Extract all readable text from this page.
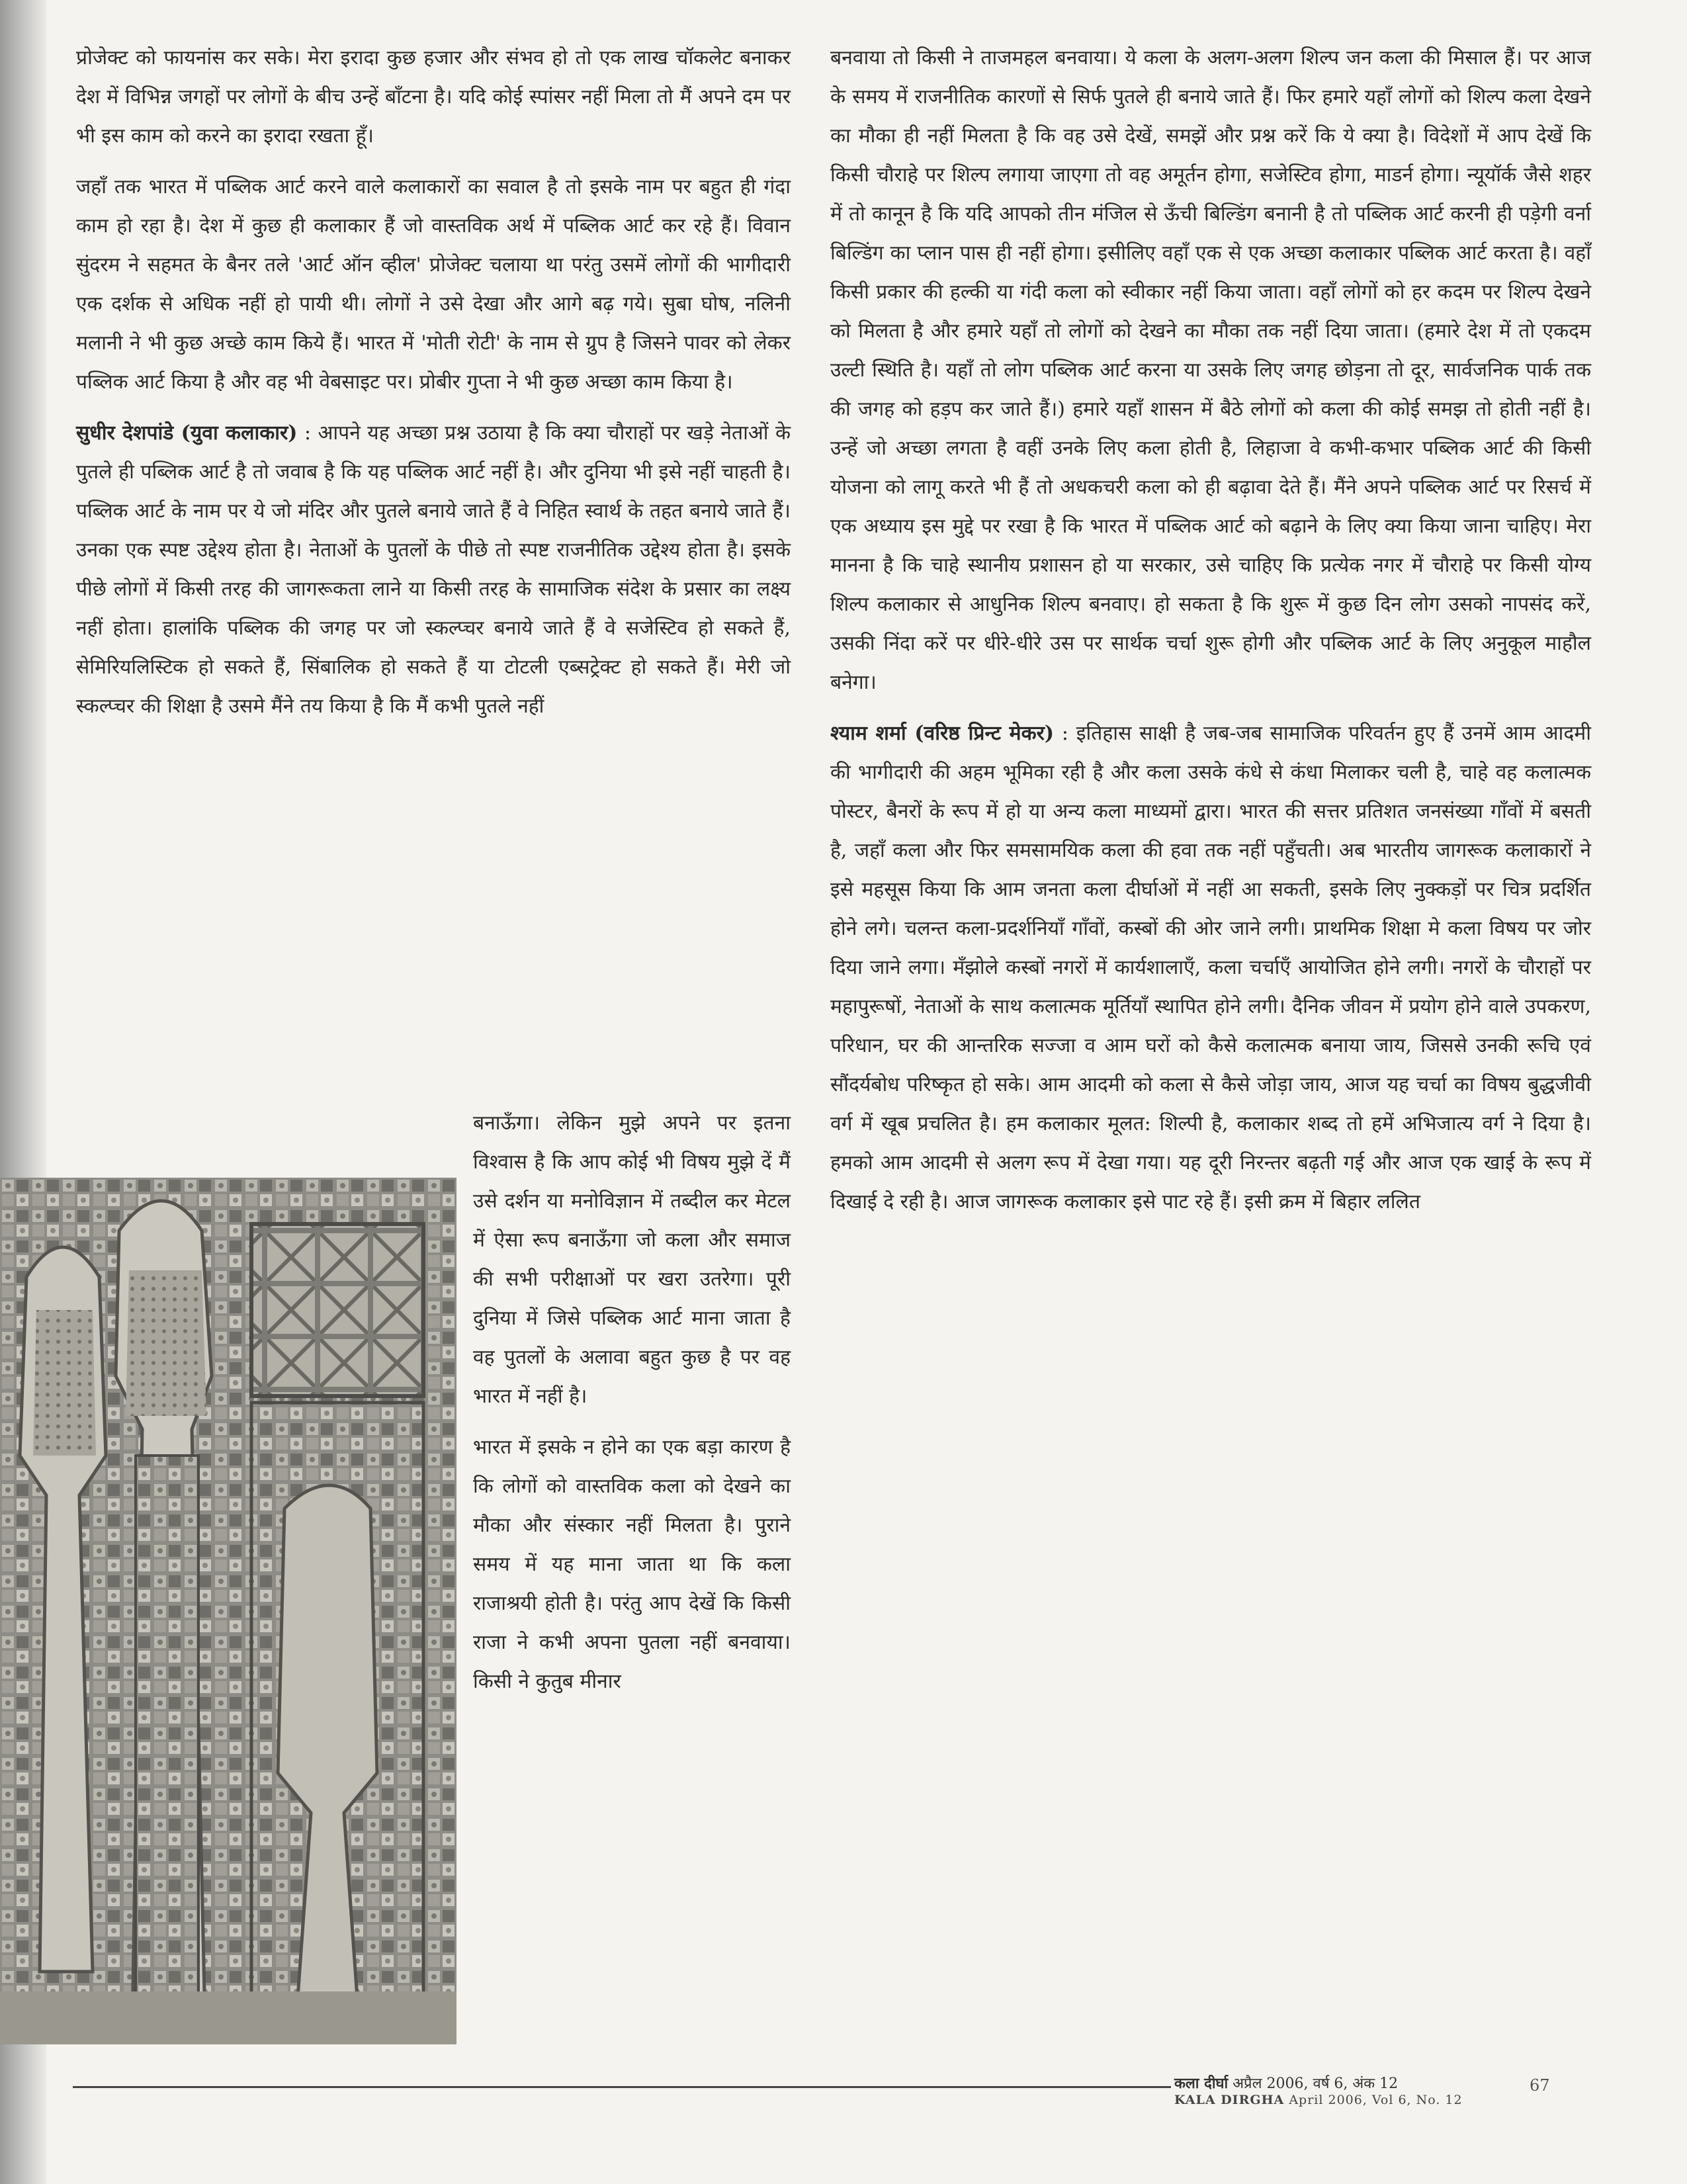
प्रोजेक्ट को फायनांस कर सके। मेरा इरादा कुछ हजार और संभव हो तो एक लाख चॉकलेट बनाकर देश में विभिन्न जगहों पर लोगों के बीच उन्हें बाँटना है। यदि कोई स्पांसर नहीं मिला तो मैं अपने दम पर भी इस काम को करने का इरादा रखता हूँ।

जहाँ तक भारत में पब्लिक आर्ट करने वाले कलाकारों का सवाल है तो इसके नाम पर बहुत ही गंदा काम हो रहा है। देश में कुछ ही कलाकार हैं जो वास्तविक अर्थ में पब्लिक आर्ट कर रहे हैं। विवान सुंदरम ने सहमत के बैनर तले 'आर्ट ऑन व्हील' प्रोजेक्ट चलाया था परंतु उसमें लोगों की भागीदारी एक दर्शक से अधिक नहीं हो पायी थी। लोगों ने उसे देखा और आगे बढ़ गये। सुबा घोष, नलिनी मलानी ने भी कुछ अच्छे काम किये हैं। भारत में 'मोती रोटी' के नाम से ग्रुप है जिसने पावर को लेकर पब्लिक आर्ट किया है और वह भी वेबसाइट पर। प्रोबीर गुप्ता ने भी कुछ अच्छा काम किया है।

सुधीर देशपांडे (युवा कलाकार) : आपने यह अच्छा प्रश्न उठाया है कि क्या चौराहों पर खड़े नेताओं के पुतले ही पब्लिक आर्ट है तो जवाब है कि यह पब्लिक आर्ट नहीं है। और दुनिया भी इसे नहीं चाहती है। पब्लिक आर्ट के नाम पर ये जो मंदिर और पुतले बनाये जाते हैं वे निहित स्वार्थ के तहत बनाये जाते हैं। उनका एक स्पष्ट उद्देश्य होता है। नेताओं के पुतलों के पीछे तो स्पष्ट राजनीतिक उद्देश्य होता है। इसके पीछे लोगों में किसी तरह की जागरूकता लाने या किसी तरह के सामाजिक संदेश के प्रसार का लक्ष्य नहीं होता। हालांकि पब्लिक की जगह पर जो स्कल्प्चर बनाये जाते हैं वे सजेस्टिव हो सकते हैं, सेमिरियलिस्टिक हो सकते हैं, सिंबालिक हो सकते हैं या टोटली एब्सट्रेक्ट हो सकते हैं। मेरी जो स्कल्प्चर की शिक्षा है उसमे मैंने तय किया है कि मैं कभी पुतले नहीं

बनाऊँगा। लेकिन मुझे अपने पर इतना विश्वास है कि आप कोई भी विषय मुझे दें मैं उसे दर्शन या मनोविज्ञान में तब्दील कर मेटल में ऐसा रूप बनाऊँगा जो कला और समाज की सभी परीक्षाओं पर खरा उतरेगा। पूरी दुनिया में जिसे पब्लिक आर्ट माना जाता है वह पुतलों के अलावा बहुत कुछ है पर वह भारत में नहीं है।

भारत में इसके न होने का एक बड़ा कारण है कि लोगों को वास्तविक कला को देखने का मौका और संस्कार नहीं मिलता है। पुराने समय में यह माना जाता था कि कला राजाश्रयी होती है। परंतु आप देखें कि किसी राजा ने कभी अपना पुतला नहीं बनवाया। किसी ने कुतुब मीनार

बनवाया तो किसी ने ताजमहल बनवाया। ये कला के अलग-अलग शिल्प जन कला की मिसाल हैं। पर आज के समय में राजनीतिक कारणों से सिर्फ पुतले ही बनाये जाते हैं। फिर हमारे यहाँ लोगों को शिल्प कला देखने का मौका ही नहीं मिलता है कि वह उसे देखें, समझें और प्रश्न करें कि ये क्या है। विदेशों में आप देखें कि किसी चौराहे पर शिल्प लगाया जाएगा तो वह अमूर्तन होगा, सजेस्टिव होगा, माडर्न होगा। न्यूयॉर्क जैसे शहर में तो कानून है कि यदि आपको तीन मंजिल से ऊँची बिल्डिंग बनानी है तो पब्लिक आर्ट करनी ही पड़ेगी वर्ना बिल्डिंग का प्लान पास ही नहीं होगा। इसीलिए वहाँ एक से एक अच्छा कलाकार पब्लिक आर्ट करता है। वहाँ किसी प्रकार की हल्की या गंदी कला को स्वीकार नहीं किया जाता। वहाँ लोगों को हर कदम पर शिल्प देखने को मिलता है और हमारे यहाँ तो लोगों को देखने का मौका तक नहीं दिया जाता। (हमारे देश में तो एकदम उल्टी स्थिति है। यहाँ तो लोग पब्लिक आर्ट करना या उसके लिए जगह छोड़ना तो दूर, सार्वजनिक पार्क तक की जगह को हड़प कर जाते हैं।) हमारे यहाँ शासन में बैठे लोगों को कला की कोई समझ तो होती नहीं है। उन्हें जो अच्छा लगता है वहीं उनके लिए कला होती है, लिहाजा वे कभी-कभार पब्लिक आर्ट की किसी योजना को लागू करते भी हैं तो अधकचरी कला को ही बढ़ावा देते हैं। मैंने अपने पब्लिक आर्ट पर रिसर्च में एक अध्याय इस मुद्दे पर रखा है कि भारत में पब्लिक आर्ट को बढ़ाने के लिए क्या किया जाना चाहिए। मेरा मानना है कि चाहे स्थानीय प्रशासन हो या सरकार, उसे चाहिए कि प्रत्येक नगर में चौराहे पर किसी योग्य शिल्प कलाकार से आधुनिक शिल्प बनवाए। हो सकता है कि शुरू में कुछ दिन लोग उसको नापसंद करें, उसकी निंदा करें पर धीरे-धीरे उस पर सार्थक चर्चा शुरू होगी और पब्लिक आर्ट के लिए अनुकूल माहौल बनेगा।

श्याम शर्मा (वरिष्ठ प्रिन्ट मेकर) : इतिहास साक्षी है जब-जब सामाजिक परिवर्तन हुए हैं उनमें आम आदमी की भागीदारी की अहम भूमिका रही है और कला उसके कंधे से कंधा मिलाकर चली है, चाहे वह कलात्मक पोस्टर, बैनरों के रूप में हो या अन्य कला माध्यमों द्वारा। भारत की सत्तर प्रतिशत जनसंख्या गाँवों में बसती है, जहाँ कला और फिर समसामयिक कला की हवा तक नहीं पहुँचती। अब भारतीय जागरूक कलाकारों ने इसे महसूस किया कि आम जनता कला दीर्घाओं में नहीं आ सकती, इसके लिए नुक्कड़ों पर चित्र प्रदर्शित होने लगे। चलन्त कला-प्रदर्शनियाँ गाँवों, कस्बों की ओर जाने लगी। प्राथमिक शिक्षा मे कला विषय पर जोर दिया जाने लगा। मँझोले कस्बों नगरों में कार्यशालाएँ, कला चर्चाएँ आयोजित होने लगी। नगरों के चौराहों पर महापुरूषों, नेताओं के साथ कलात्मक मूर्तियाँ स्थापित होने लगी। दैनिक जीवन में प्रयोग होने वाले उपकरण, परिधान, घर की आन्तरिक सज्जा व आम घरों को कैसे कलात्मक बनाया जाय, जिससे उनकी रूचि एवं सौंदर्यबोध परिष्कृत हो सके। आम आदमी को कला से कैसे जोड़ा जाय, आज यह चर्चा का विषय बुद्धजीवी वर्ग में खूब प्रचलित है। हम कलाकार मूलत: शिल्पी है, कलाकार शब्द तो हमें अभिजात्य वर्ग ने दिया है। हमको आम आदमी से अलग रूप में देखा गया। यह दूरी निरन्तर बढ़ती गई और आज एक खाई के रूप में दिखाई दे रही है। आज जागरूक कलाकार इसे पाट रहे हैं। इसी क्रम में बिहार ललित

कला दीर्घा अप्रैल 2006, वर्ष 6, अंक 12
KALA DIRGHA April 2006, Vol 6, No. 12
67
